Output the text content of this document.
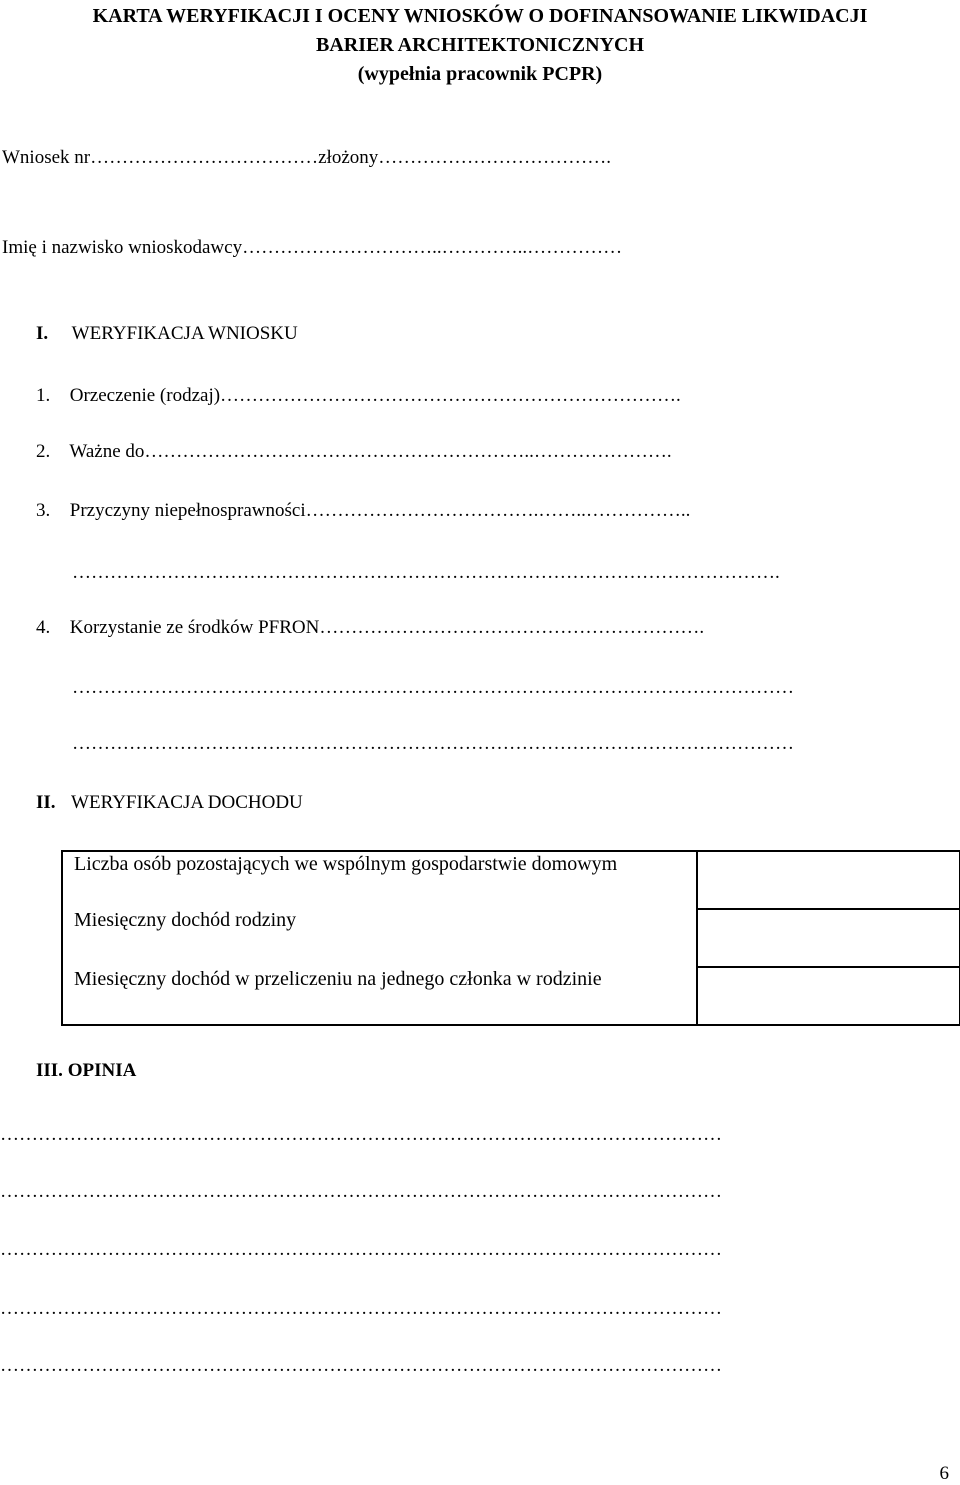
KARTA WERYFIKACJI I OCENY WNIOSKÓW O DOFINANSOWANIE LIKWIDACJI
BARIER ARCHITEKTONICZNYCH
(wypełnia pracownik PCPR)
Wniosek nr………………………………złożony……………………………….
Imię i nazwisko wnioskodawcy…………………………..…………..……………
I. WERYFIKACJA WNIOSKU
1. Orzeczenie (rodzaj)……………………………………………………………….
2. Ważne do……………………………………………………..………………….
3. Przyczyny niepełnosprawności……………………………….……..……………..
………………………………………………………………………………………………….
4. Korzystanie ze środków PFRON…………………………………………………….
……………………………………………………………………………………………………
……………………………………………………………………………………………………
II. WERYFIKACJA DOCHODU
Liczba osób pozostających we wspólnym gospodarstwie domowym	
Miesięczny dochód rodziny	
Miesięczny dochód w przeliczeniu na jednego członka w rodzinie	
III. OPINIA
……………………………………………………………………………………………………
……………………………………………………………………………………………………
……………………………………………………………………………………………………
……………………………………………………………………………………………………
……………………………………………………………………………………………………
6
